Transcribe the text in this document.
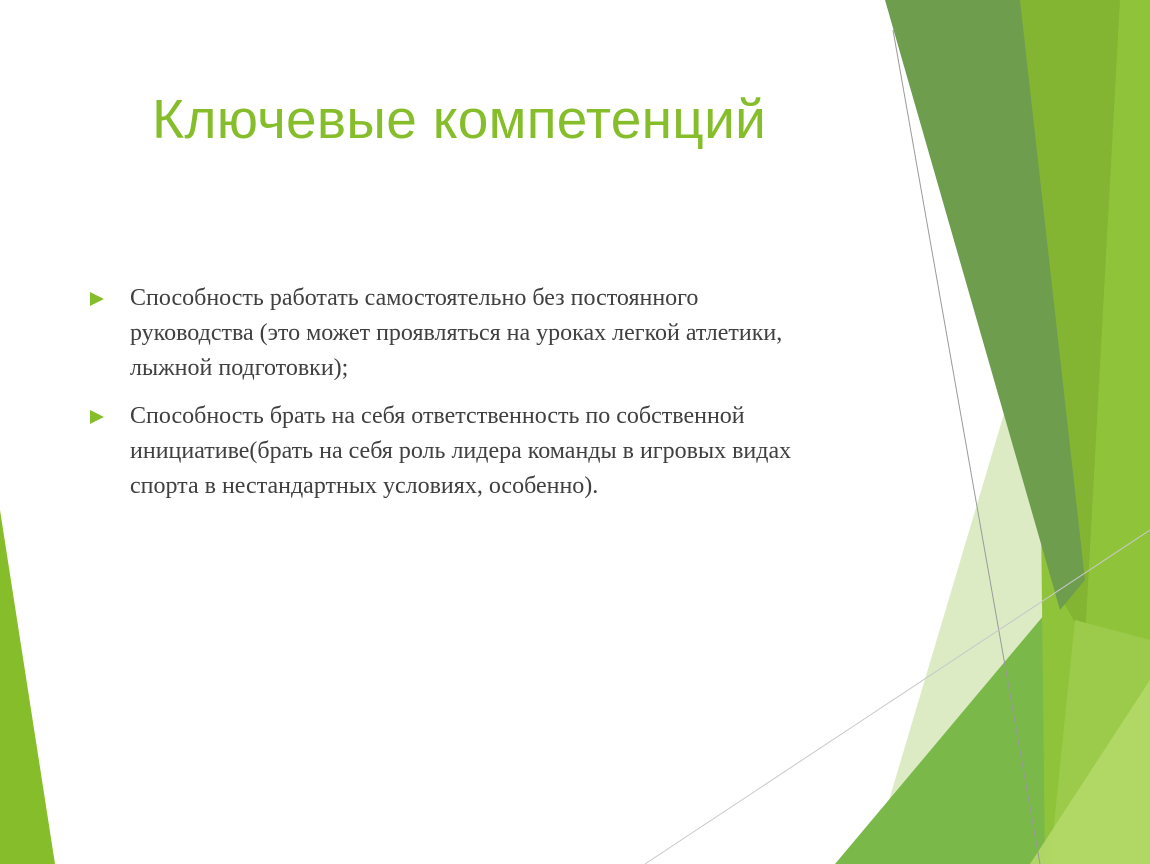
Ключевые компетенций
Способность работать самостоятельно без постоянного руководства (это может проявляться на уроках легкой атлетики, лыжной подготовки);
Способность брать на себя ответственность по собственной инициативе(брать на себя роль лидера команды в игровых видах спорта в нестандартных условиях, особенно).
